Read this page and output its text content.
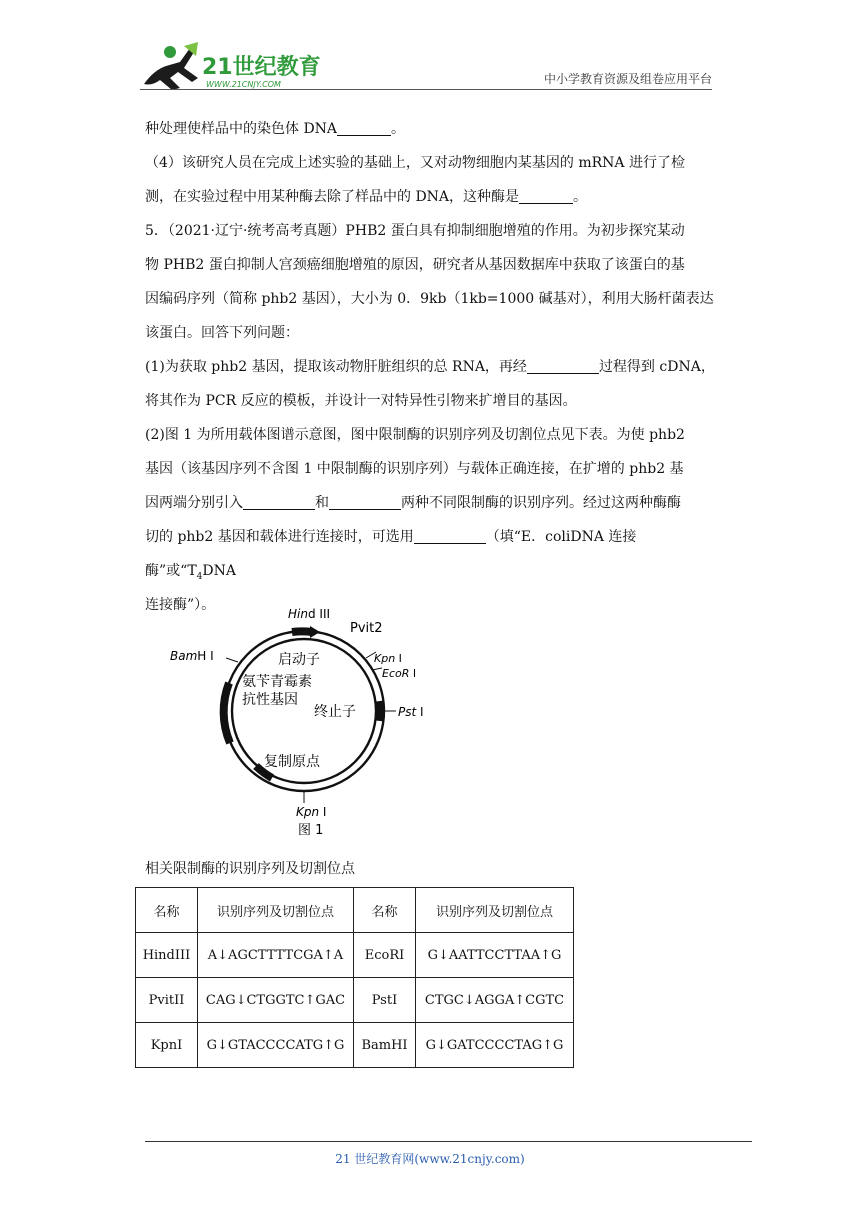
21世纪教育
WWW.21CNJY.COM	中小学教育资源及组卷应用平台

种处理使样品中的染色体 DNA	。

（4）该研究人员在完成上述实验的基础上，又对动物细胞内某基因的 mRNA 进行了检

测，在实验过程中用某种酶去除了样品中的 DNA，这种酶是	。

5．（2021·辽宁·统考高考真题）PHB2 蛋白具有抑制细胞增殖的作用。为初步探究某动

物 PHB2 蛋白抑制人宫颈癌细胞增殖的原因，研究者从基因数据库中获取了该蛋白的基

因编码序列（简称 phb2 基因），大小为 0．9kb（1kb=1000 碱基对），利用大肠杆菌表达

该蛋白。回答下列问题：

(1)为获取 phb2 基因，提取该动物肝脏组织的总 RNA，再经	过程得到 cDNA，

将其作为 PCR 反应的模板，并设计一对特异性引物来扩增目的基因。

(2)图 1 为所用载体图谱示意图，图中限制酶的识别序列及切割位点见下表。为使 phb2

基因（该基因序列不含图 1 中限制酶的识别序列）与载体正确连接，在扩增的 phb2 基

因两端分别引入	和	两种不同限制酶的识别序列。经过这两种酶酶

切的 phb2 基因和载体进行连接时，可选用	（填“E．coliDNA 连接酶”或“$T_4DNA$

连接酶”）。

Hind III
Pvit2
BamH I	Kpn I
EcoR I
Pst I
Kpn I
启动子
氨苄青霉素
抗性基因
终止子
复制原点
图 1
相关限制酶的识别序列及切割位点
名称	识别序列及切割位点	名称	识别序列及切割位点
HindIII	A↓AGCTTTTCGA↑A	EcoRI	G↓AATTCCTTAA↑G
PvitII	CAG↓CTGGTC↑GAC	PstI	CTGC↓AGGA↑CGTC
KpnI	G↓GTACCCCATG↑G	BamHI	G↓GATCCCCTAG↑G
21 世纪教育网(www.21cnjy.com)
